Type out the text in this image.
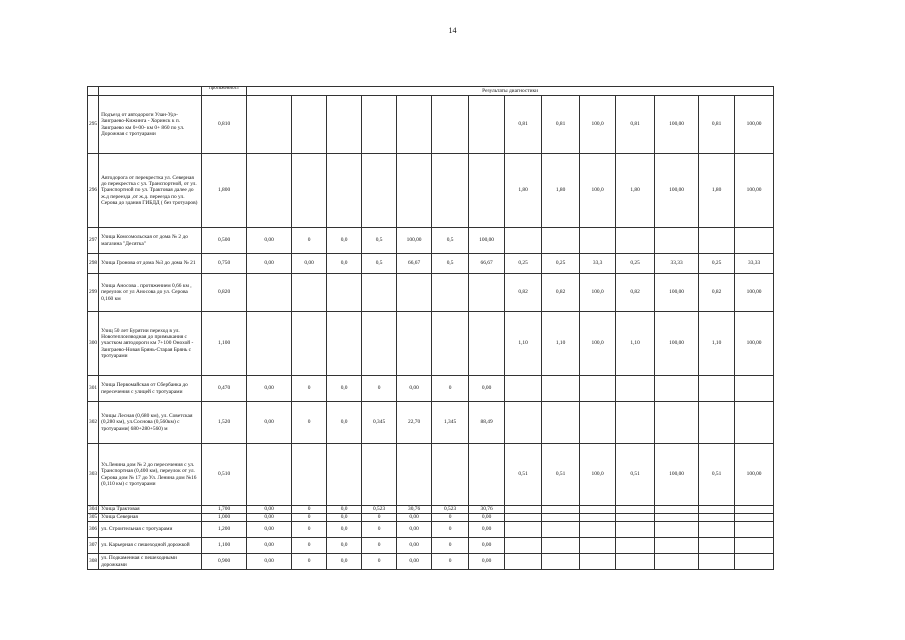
14
		протяженност	Результаты диагностики													
295	Подъезд от автодороги Улан-Удэ-Заиграево-Кижинга - Хоринск к п. Заиграево км 0+00- км 0+ 860 по ул. Дорожная с тротуарами	0,810								0,81	0,81	100,0	0,81	100,00	0,81	100,00
296	Автодорога от перекрестка ул. Северная до перекрестка с ул. Транспортной, от ул. Транспортной по ул. Трактовая далее до ж.д переезда ,от ж.д. переезда по ул. Серова до здания ГИБДД ( без тротуаров)	1,800								1,80	1,80	100,0	1,80	100,00	1,80	100,00
297	Улица Комсомольская от дома № 2 до магазина "Десятка"	0,500	0,00	0	0,0	0,5	100,00	0,5	100,00							
298	Улица Гронова от дома №3 до дома № 21	0,750	0,00	0,00	0,0	0,5	66,67	0,5	66,67	0,25	0,25	33,3	0,25	33,33	0,25	33,33
299	Улица Аносова . протяжением 0,66 км , переулок от ул Аносова до ул. Серова 0,160 км	0,820								0,82	0,82	100,0	0,82	100,00	0,82	100,00
300	Улиц 50 лет Бурятии переход в ул. Новотеплоизводная до примыкания с участком автодороги км 7+100 Онохой - Заиграево-Новая Брянь-Старая Брянь с тротуарами	1,100								1,10	1,10	100,0	1,10	100,00	1,10	100,00
301	Улица Первомайская от Сбербанка до пересечения с улицей с тротуарами	0,470	0,00	0	0,0	0	0,00	0	0,00							
302	Улицы Лесная (0,680 км), ул. Советская (0,280 км), ул.Соснова (0,560км) с тротуарами( 680+280+560) м	1,520	0,00	0	0,0	0,345	22,70	1,345	88,49							
303	Ул.Ленина дом № 2 до пересечения с ул. Транспортная (0,400 км), переулок от ул. Серова дом № 17 до Ул. Ленина дом №16 (0,110 км) с тротуарами	0,510								0,51	0,51	100,0	0,51	100,00	0,51	100,00
304	Улица Трактовая	1,700	0,00	0	0,0	0,523	30,76	0,523	30,76							
305	Улица Северная	1,000	0,00	0	0,0	0	0,00	0	0,00							
306	ул. Строительная с тротуарами	1,200	0,00	0	0,0	0	0,00	0	0,00							
307	ул. Карьерная с пешеходной дорожкой	1,100	0,00	0	0,0	0	0,00	0	0,00							
308	ул. Подкаменная с пешеходными дорожками	0,900	0,00	0	0,0	0	0,00	0	0,00							
